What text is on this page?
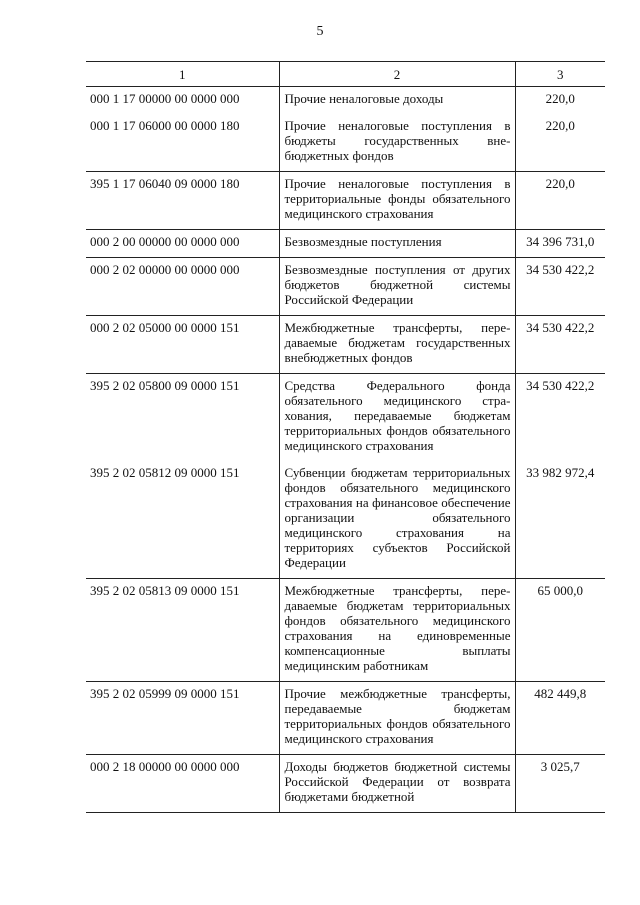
5
1	2	3
000 1 17 00000 00 0000 000	Прочие неналоговые доходы	220,0
000 1 17 06000 00 0000 180	Прочие неналоговые поступления в бюджеты государственных внебюджетных фондов	220,0
395 1 17 06040 09 0000 180	Прочие неналоговые поступления в территориальные фонды обязательного медицинского страхования	220,0
000 2 00 00000 00 0000 000	Безвозмездные поступления	34 396 731,0
000 2 02 00000 00 0000 000	Безвозмездные поступления от других бюджетов бюджетной системы Российской Федерации	34 530 422,2
000 2 02 05000 00 0000 151	Межбюджетные трансферты, передаваемые бюджетам государственных внебюджетных фондов	34 530 422,2
395 2 02 05800 09 0000 151	Средства Федерального фонда обязательного медицинского страхования, передаваемые бюджетам территориальных фондов обязательного медицинского страхования	34 530 422,2
395 2 02 05812 09 0000 151	Субвенции бюджетам территориальных фондов обязательного медицинского страхования на финансовое обеспечение организации обязательного медицинского страхования на территориях субъектов Российской Федерации	33 982 972,4
395 2 02 05813 09 0000 151	Межбюджетные трансферты, передаваемые бюджетам территориальных фондов обязательного медицинского страхования на единовременные компенсационные выплаты медицинским работникам	65 000,0
395 2 02 05999 09 0000 151	Прочие межбюджетные трансферты, передаваемые бюджетам территориальных фондов обязательного медицинского страхования	482 449,8
000 2 18 00000 00 0000 000	Доходы бюджетов бюджетной системы Российской Федерации от возврата бюджетами бюджетной	3 025,7
